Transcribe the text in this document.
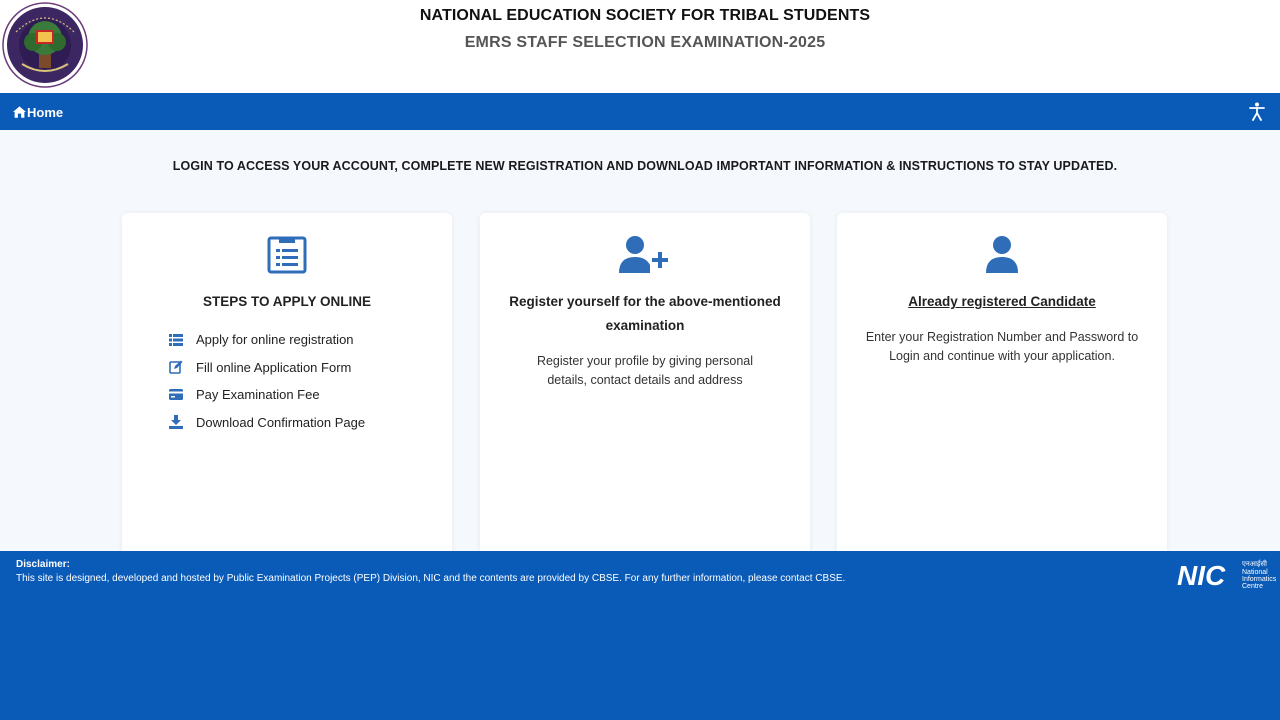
NATIONAL EDUCATION SOCIETY FOR TRIBAL STUDENTS
EMRS STAFF SELECTION EXAMINATION-2025
Home
LOGIN TO ACCESS YOUR ACCOUNT, COMPLETE NEW REGISTRATION AND DOWNLOAD IMPORTANT INFORMATION & INSTRUCTIONS TO STAY UPDATED.
STEPS TO APPLY ONLINE
Apply for online registration
Fill online Application Form
Pay Examination Fee
Download Confirmation Page
Register yourself for the above-mentioned examination
Register your profile by giving personal details, contact details and address
Already registered Candidate
Enter your Registration Number and Password to Login and continue with your application.
Disclaimer:
This site is designed, developed and hosted by Public Examination Projects (PEP) Division, NIC and the contents are provided by CBSE. For any further information, please contact CBSE.	NIC एनआईसी
National
Informatics
Centre
